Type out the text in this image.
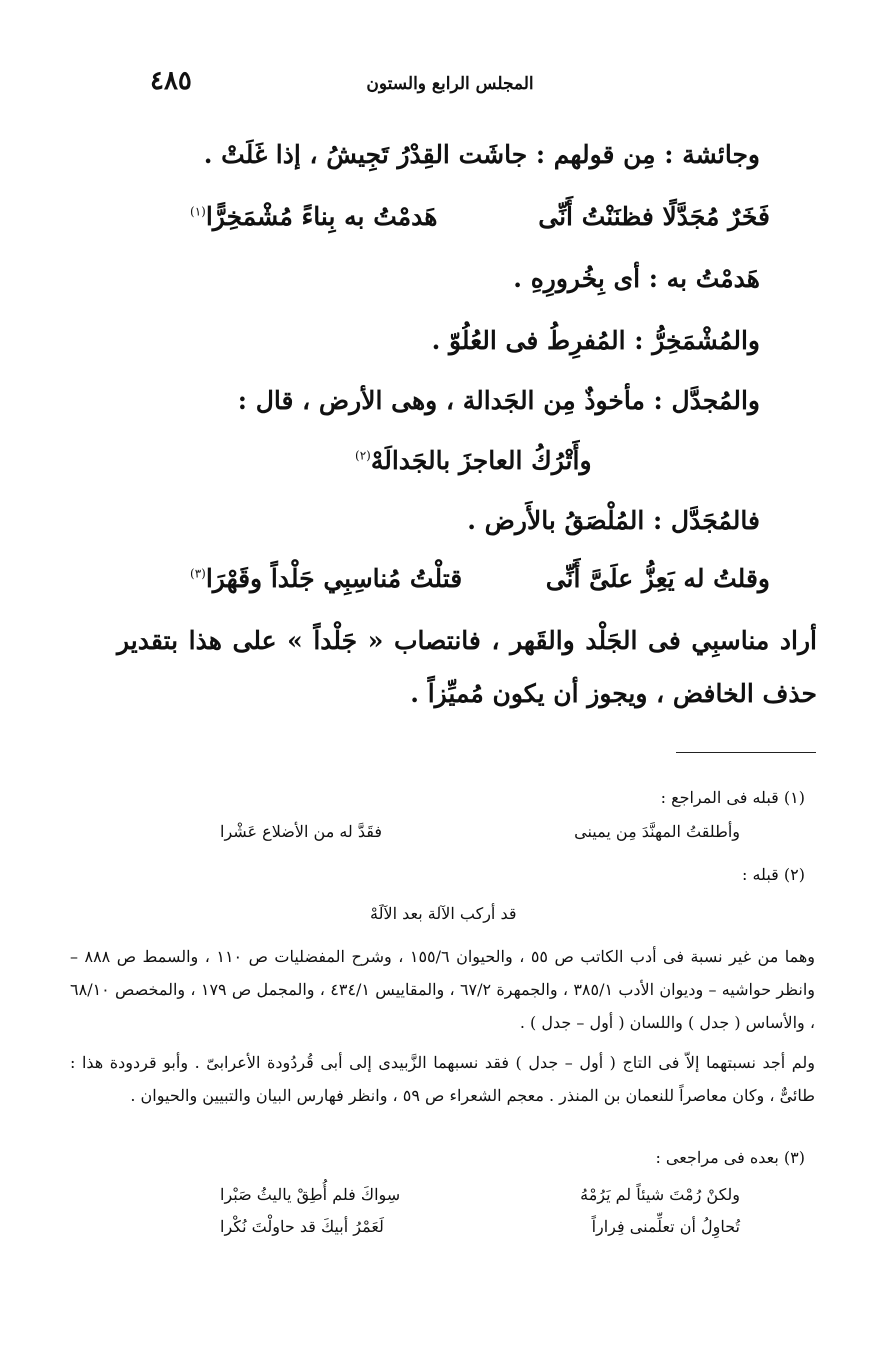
٤٨٥	المجلس الرابع والستون
وجائشة : مِن قولهم : جاشَت القِدْرُ تَجِيشُ ، إذا غَلَتْ .
فَخَرٌ مُجَدَّلًا فظنَنْتُ أَنِّى
هَدمْتُ به بِناءً مُشْمَخِرًّا$^{(١)}$
هَدمْتُ به : أى بِخُرورِهِ .
والمُشْمَخِرُّ : المُفرِطُ فى العُلُوّ .
والمُجدَّل : مأخوذٌ مِن الجَدالة ، وهى الأرض ، قال :
وأَتْرُكُ العاجزَ بالجَدالَهْ$^{(٢)}$
فالمُجَدَّل : المُلْصَقُ بالأَرض .
وقلتُ له يَعِزُّ علَىَّ أَنِّى
قتلْتُ مُناسِبِي جَلْداً وقَهْرَا$^{(٣)}$
أراد مناسبِي فى الجَلْد والقَهر ، فانتصاب « جَلْداً » على هذا بتقدير حذف الخافض ، ويجوز أن يكون مُميِّزاً .
(١) قبله فى المراجع :
وأطلقتُ المهنَّدَ مِن يمينى
فقَدَّ له من الأضلاع عَشْرا
(٢) قبله :
قد أركب الآلة بعد الآلَهْ
وهما من غير نسبة فى أدب الكاتب ص ٥٥ ، والحيوان ١٥٥/٦ ، وشرح المفضليات ص ١١٠ ، والسمط ص ٨٨٨ – وانظر حواشيه – وديوان الأدب ٣٨٥/١ ، والجمهرة ٦٧/٢ ، والمقاييس ٤٣٤/١ ، والمجمل ص ١٧٩ ، والمخصص ٦٨/١٠ ، والأساس ( جدل ) واللسان ( أول – جدل ) .
ولم أجد نسبتهما إلاّ فى التاج ( أول – جدل ) فقد نسبهما الزَّبيدى إلى أبى قُردُودة الأعرابىّ . وأبو قردودة هذا : طائىٌّ ، وكان معاصراً للنعمان بن المنذر . معجم الشعراء ص ٥٩ ، وانظر فهارس البيان والتبيين والحيوان .
(٣) بعده فى مراجعى :
ولكنْ رُمْتَ شيئاً لم يَرُمْهُ
سِواكَ فلم أُطِقْ ياليثُ صَبْرا
تُحاوِلُ أن تعلِّمنى فِراراً
لَعَمْرُ أبيكَ قد حاولْتَ نُكْرا
